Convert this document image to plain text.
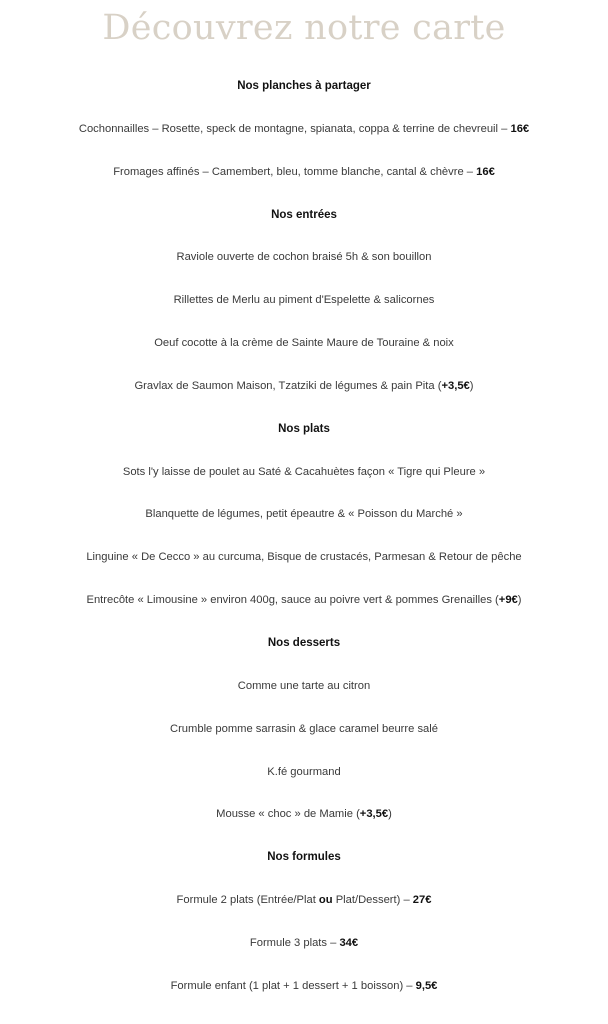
Découvrez notre carte
Nos planches à partager
Cochonnailles – Rosette, speck de montagne, spianata, coppa & terrine de chevreuil – 16€
Fromages affinés – Camembert, bleu, tomme blanche, cantal & chèvre – 16€
Nos entrées
Raviole ouverte de cochon braisé 5h & son bouillon
Rillettes de Merlu au piment d'Espelette & salicornes
Oeuf cocotte à la crème de Sainte Maure de Touraine & noix
Gravlax de Saumon Maison, Tzatziki de légumes & pain Pita (+3,5€)
Nos plats
Sots l'y laisse de poulet au Saté & Cacahuètes façon « Tigre qui Pleure »
Blanquette de légumes, petit épeautre & « Poisson du Marché »
Linguine « De Cecco » au curcuma, Bisque de crustacés, Parmesan & Retour de pêche
Entrecôte « Limousine » environ 400g, sauce au poivre vert & pommes Grenailles (+9€)
Nos desserts
Comme une tarte au citron
Crumble pomme sarrasin & glace caramel beurre salé
K.fé gourmand
Mousse « choc » de Mamie (+3,5€)
Nos formules
Formule 2 plats (Entrée/Plat ou Plat/Dessert) – 27€
Formule 3 plats – 34€
Formule enfant (1 plat + 1 dessert + 1 boisson) – 9,5€
